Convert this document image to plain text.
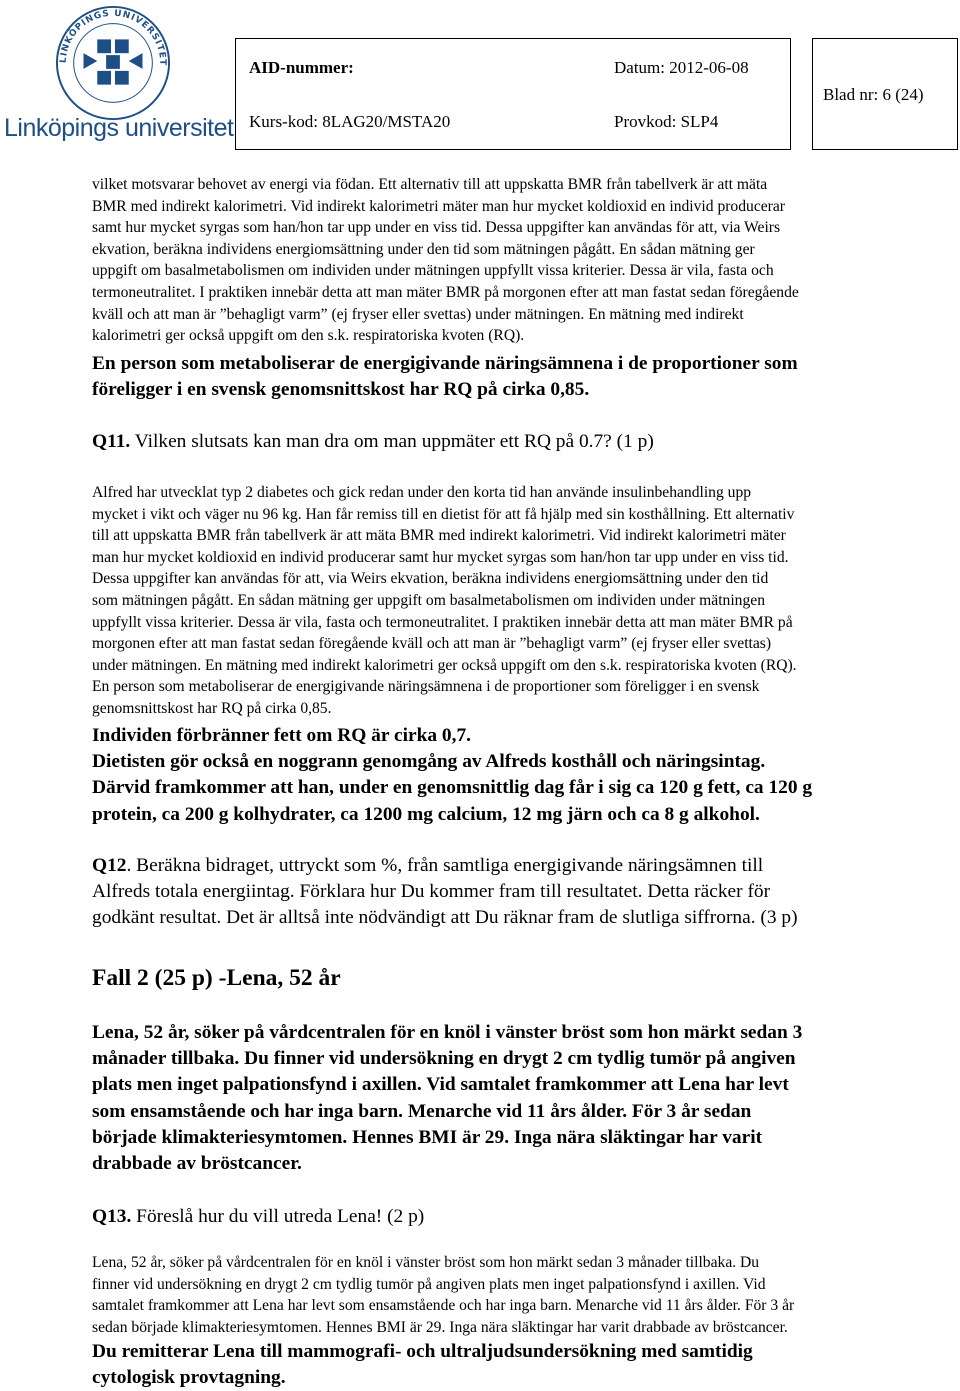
LINKÖPINGS UNIVERSITET
Linköpings universitet
AID-nummer:	Datum: 2012-06-08
Kurs-kod: 8LAG20/MSTA20	Provkod: SLP4
Blad nr: 6 (24)
vilket motsvarar behovet av energi via födan. Ett alternativ till att uppskatta BMR från tabellverk är att mäta
BMR med indirekt kalorimetri. Vid indirekt kalorimetri mäter man hur mycket koldioxid en individ producerar
samt hur mycket syrgas som han/hon tar upp under en viss tid. Dessa uppgifter kan användas för att, via Weirs
ekvation, beräkna individens energiomsättning under den tid som mätningen pågått. En sådan mätning ger
uppgift om basalmetabolismen om individen under mätningen uppfyllt vissa kriterier. Dessa är vila, fasta och
termoneutralitet. I praktiken innebär detta att man mäter BMR på morgonen efter att man fastat sedan föregående
kväll och att man är ”behagligt varm” (ej fryser eller svettas) under mätningen. En mätning med indirekt
kalorimetri ger också uppgift om den s.k. respiratoriska kvoten (RQ).
En person som metaboliserar de energigivande näringsämnena i de proportioner som
föreligger i en svensk genomsnittskost har RQ på cirka 0,85.
Q11. Vilken slutsats kan man dra om man uppmäter ett RQ på 0.7? (1 p)
Alfred har utvecklat typ 2 diabetes och gick redan under den korta tid han använde insulinbehandling upp
mycket i vikt och väger nu 96 kg. Han får remiss till en dietist för att få hjälp med sin kosthållning. Ett alternativ
till att uppskatta BMR från tabellverk är att mäta BMR med indirekt kalorimetri. Vid indirekt kalorimetri mäter
man hur mycket koldioxid en individ producerar samt hur mycket syrgas som han/hon tar upp under en viss tid.
Dessa uppgifter kan användas för att, via Weirs ekvation, beräkna individens energiomsättning under den tid
som mätningen pågått. En sådan mätning ger uppgift om basalmetabolismen om individen under mätningen
uppfyllt vissa kriterier. Dessa är vila, fasta och termoneutralitet. I praktiken innebär detta att man mäter BMR på
morgonen efter att man fastat sedan föregående kväll och att man är ”behagligt varm” (ej fryser eller svettas)
under mätningen. En mätning med indirekt kalorimetri ger också uppgift om den s.k. respiratoriska kvoten (RQ).
En person som metaboliserar de energigivande näringsämnena i de proportioner som föreligger i en svensk
genomsnittskost har RQ på cirka 0,85.
Individen förbränner fett om RQ är cirka 0,7.
Dietisten gör också en noggrann genomgång av Alfreds kosthåll och näringsintag.
Därvid framkommer att han, under en genomsnittlig dag får i sig ca 120 g fett, ca 120 g
protein, ca 200 g kolhydrater, ca 1200 mg calcium, 12 mg järn och ca 8 g alkohol.
Q12. Beräkna bidraget, uttryckt som %, från samtliga energigivande näringsämnen till
Alfreds totala energiintag. Förklara hur Du kommer fram till resultatet. Detta räcker för
godkänt resultat. Det är alltså inte nödvändigt att Du räknar fram de slutliga siffrorna. (3 p)
Fall 2 (25 p) -Lena, 52 år
Lena, 52 år, söker på vårdcentralen för en knöl i vänster bröst som hon märkt sedan 3
månader tillbaka. Du finner vid undersökning en drygt 2 cm tydlig tumör på angiven
plats men inget palpationsfynd i axillen. Vid samtalet framkommer att Lena har levt
som ensamstående och har inga barn. Menarche vid 11 års ålder. För 3 år sedan
började klimakteriesymtomen. Hennes BMI är 29. Inga nära släktingar har varit
drabbade av bröstcancer.
Q13. Föreslå hur du vill utreda Lena! (2 p)
Lena, 52 år, söker på vårdcentralen för en knöl i vänster bröst som hon märkt sedan 3 månader tillbaka. Du
finner vid undersökning en drygt 2 cm tydlig tumör på angiven plats men inget palpationsfynd i axillen. Vid
samtalet framkommer att Lena har levt som ensamstående och har inga barn. Menarche vid 11 års ålder. För 3 år
sedan började klimakteriesymtomen. Hennes BMI är 29. Inga nära släktingar har varit drabbade av bröstcancer.
Du remitterar Lena till mammografi- och ultraljudsundersökning med samtidig
cytologisk provtagning.
